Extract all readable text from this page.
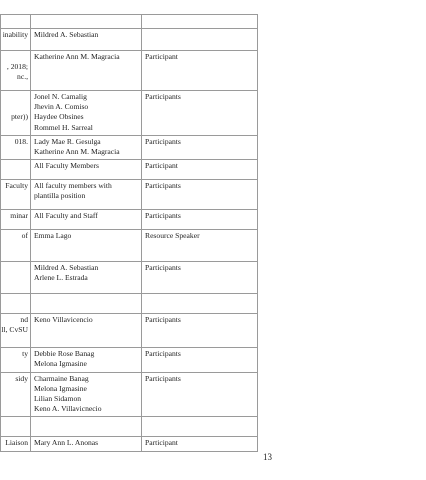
inability	Mildred A. Sebastian	

, 2018;
nc.,	Katherine Ann M. Magracia	Participant

pter))	Jonel N. Camalig
Jhevin A. Comiso
Haydee Obsines
Rommel H. Sarreal	Participants

018.	Lady Mae R. Gesulga
Katherine Ann M. Magracia	Participants

	All Faculty Members	Participant

Faculty	All faculty members with
plantilla position	Participants

minar	All Faculty and Staff	Participants

of	Emma Lago	Resource Speaker

	Mildred A. Sebastian
Arlene L. Estrada	Participants

nd
ll, CvSU	Keno Villavicencio	Participants

ty	Debbie Rose Banag
Melona Igmasine	Participants

sidy	Charmaine Banag
Melona Igmasine
Lilian Sidamon
Keno A. Villavicnecio	Participants

Liaison	Mary Ann L. Anonas	Participant
13
